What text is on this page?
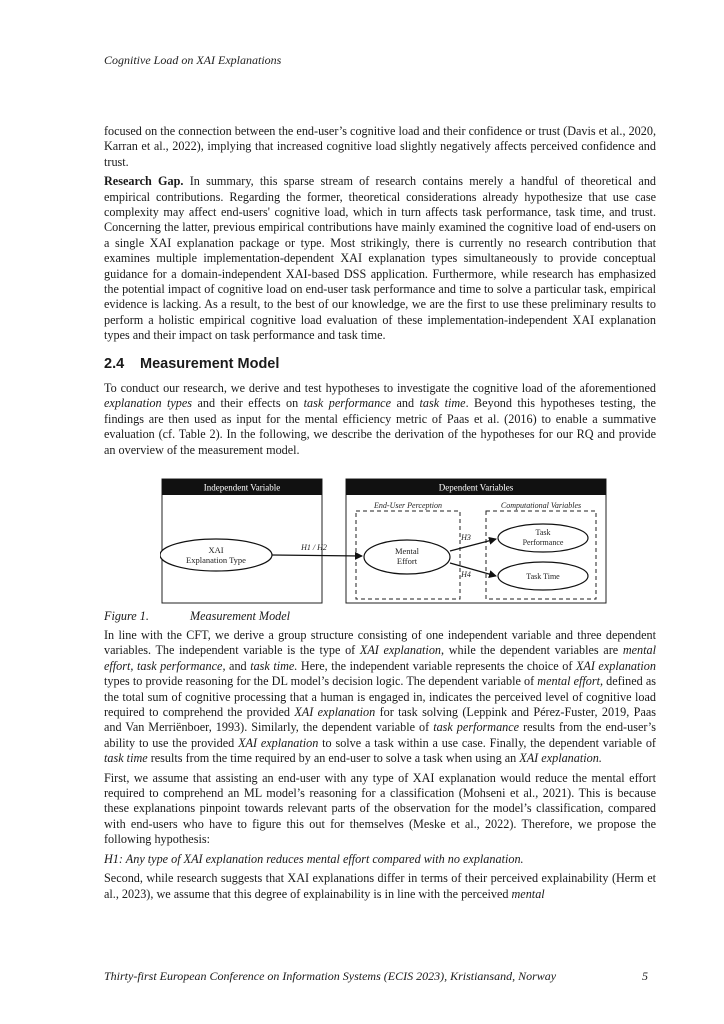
Cognitive Load on XAI Explanations

focused on the connection between the end-user’s cognitive load and their confidence or trust (Davis et al., 2020, Karran et al., 2022), implying that increased cognitive load slightly negatively affects perceived confidence and trust.

Research Gap. In summary, this sparse stream of research contains merely a handful of theoretical and empirical contributions. Regarding the former, theoretical considerations already hypothesize that use case complexity may affect end-users' cognitive load, which in turn affects task performance, task time, and trust. Concerning the latter, previous empirical contributions have mainly examined the cognitive load of end-users on a single XAI explanation package or type. Most strikingly, there is currently no research contribution that examines multiple implementation-dependent XAI explanation types simultaneously to provide conceptual guidance for a domain-independent XAI-based DSS application. Furthermore, while research has emphasized the potential impact of cognitive load on end-user task performance and time to solve a particular task, empirical evidence is lacking. As a result, to the best of our knowledge, we are the first to use these preliminary results to perform a holistic empirical cognitive load evaluation of these implementation-independent XAI explanation types and their impact on task performance and task time.

2.4 Measurement Model

To conduct our research, we derive and test hypotheses to investigate the cognitive load of the aforementioned explanation types and their effects on task performance and task time. Beyond this hypotheses testing, the findings are then used as input for the mental efficiency metric of Paas et al. (2016) to enable a summative evaluation (cf. Table 2). In the following, we describe the derivation of the hypotheses for our RQ and provide an overview of the measurement model.

Independent Variable	Dependent Variables
End-User Perception	Computational Variables
XAI
Explanation Type
Mental
Effort
Task
Performance
Task Time
H1 / H2
H3
H4
Figure 1.	Measurement Model

In line with the CFT, we derive a group structure consisting of one independent variable and three dependent variables. The independent variable is the type of XAI explanation, while the dependent variables are mental effort, task performance, and task time. Here, the independent variable represents the choice of XAI explanation types to provide reasoning for the DL model’s decision logic. The dependent variable of mental effort, defined as the total sum of cognitive processing that a human is engaged in, indicates the perceived level of cognitive load required to comprehend the provided XAI explanation for task solving (Leppink and Pérez-Fuster, 2019, Paas and Van Merriënboer, 1993). Similarly, the dependent variable of task performance results from the end-user’s ability to use the provided XAI explanation to solve a task within a use case. Finally, the dependent variable of task time results from the time required by an end-user to solve a task when using an XAI explanation.

First, we assume that assisting an end-user with any type of XAI explanation would reduce the mental effort required to comprehend an ML model’s reasoning for a classification (Mohseni et al., 2021). This is because these explanations pinpoint towards relevant parts of the observation for the model’s classification, compared with end-users who have to figure this out for themselves (Meske et al., 2022). Therefore, we propose the following hypothesis:

H1: Any type of XAI explanation reduces mental effort compared with no explanation.

Second, while research suggests that XAI explanations differ in terms of their perceived explainability (Herm et al., 2023), we assume that this degree of explainability is in line with the perceived mental

Thirty-first European Conference on Information Systems (ECIS 2023), Kristiansand, Norway	5
